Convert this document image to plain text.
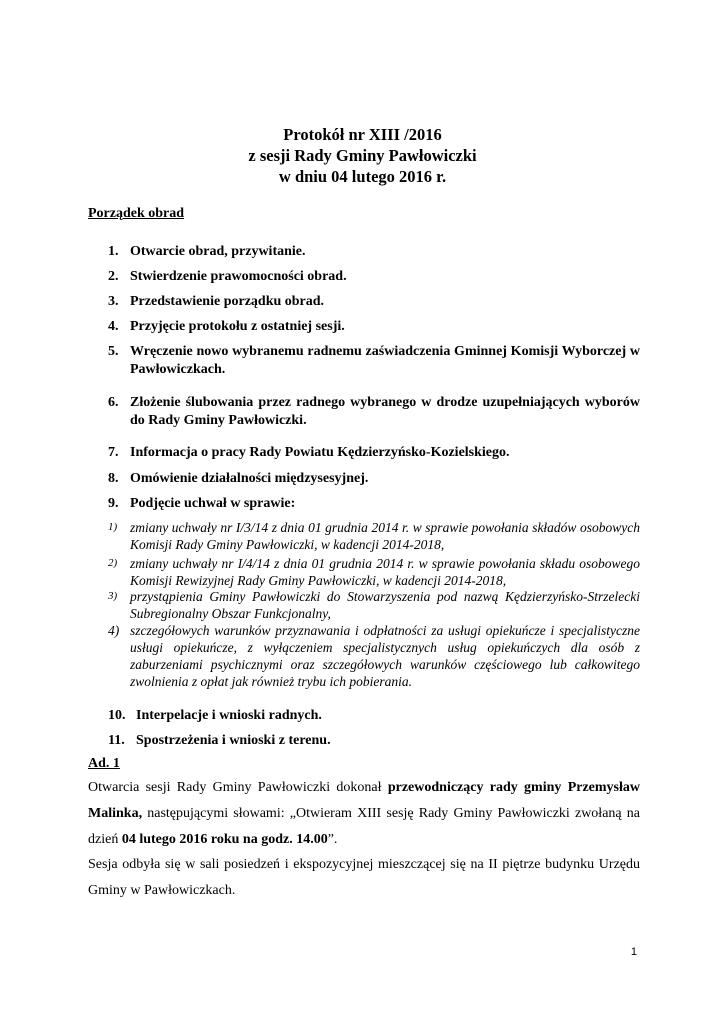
Protokół nr XIII /2016
z sesji Rady Gminy Pawłowiczki
w dniu 04 lutego 2016 r.
Porządek obrad
1. Otwarcie obrad, przywitanie.
2. Stwierdzenie prawomocności obrad.
3. Przedstawienie porządku obrad.
4. Przyjęcie protokołu z ostatniej sesji.
5. Wręczenie nowo wybranemu radnemu zaświadczenia Gminnej Komisji Wyborczej w Pawłowiczkach.
6. Złożenie ślubowania przez radnego wybranego w drodze uzupełniających wyborów do Rady Gminy Pawłowiczki.
7. Informacja o pracy Rady Powiatu Kędzierzyńsko-Kozielskiego.
8. Omówienie działalności międzysesyjnej.
9. Podjęcie uchwał w sprawie:
1) zmiany uchwały nr I/3/14 z dnia 01 grudnia 2014 r. w sprawie powołania składów osobowych Komisji Rady Gminy Pawłowiczki, w kadencji 2014-2018,
2) zmiany uchwały nr I/4/14 z dnia 01 grudnia 2014 r. w sprawie powołania składu osobowego Komisji Rewizyjnej Rady Gminy Pawłowiczki, w kadencji 2014-2018,
3) przystąpienia Gminy Pawłowiczki do Stowarzyszenia pod nazwą Kędzierzyńsko-Strzelecki Subregionalny Obszar Funkcjonalny,
4) szczegółowych warunków przyznawania i odpłatności za usługi opiekuńcze i specjalistyczne usługi opiekuńcze, z wyłączeniem specjalistycznych usług opiekuńczych dla osób z zaburzeniami psychicznymi oraz szczegółowych warunków częściowego lub całkowitego zwolnienia z opłat jak również trybu ich pobierania.
10. Interpelacje i wnioski radnych.
11. Spostrzeżenia i wnioski z terenu.
Ad. 1
Otwarcia sesji Rady Gminy Pawłowiczki dokonał przewodniczący rady gminy Przemysław Malinka, następującymi słowami: „Otwieram XIII sesję Rady Gminy Pawłowiczki zwołaną na dzień 04 lutego 2016 roku na godz. 14.00”.
Sesja odbyła się w sali posiedzeń i ekspozycyjnej mieszczącej się na II piętrze budynku Urzędu Gminy w Pawłowiczkach.
1
